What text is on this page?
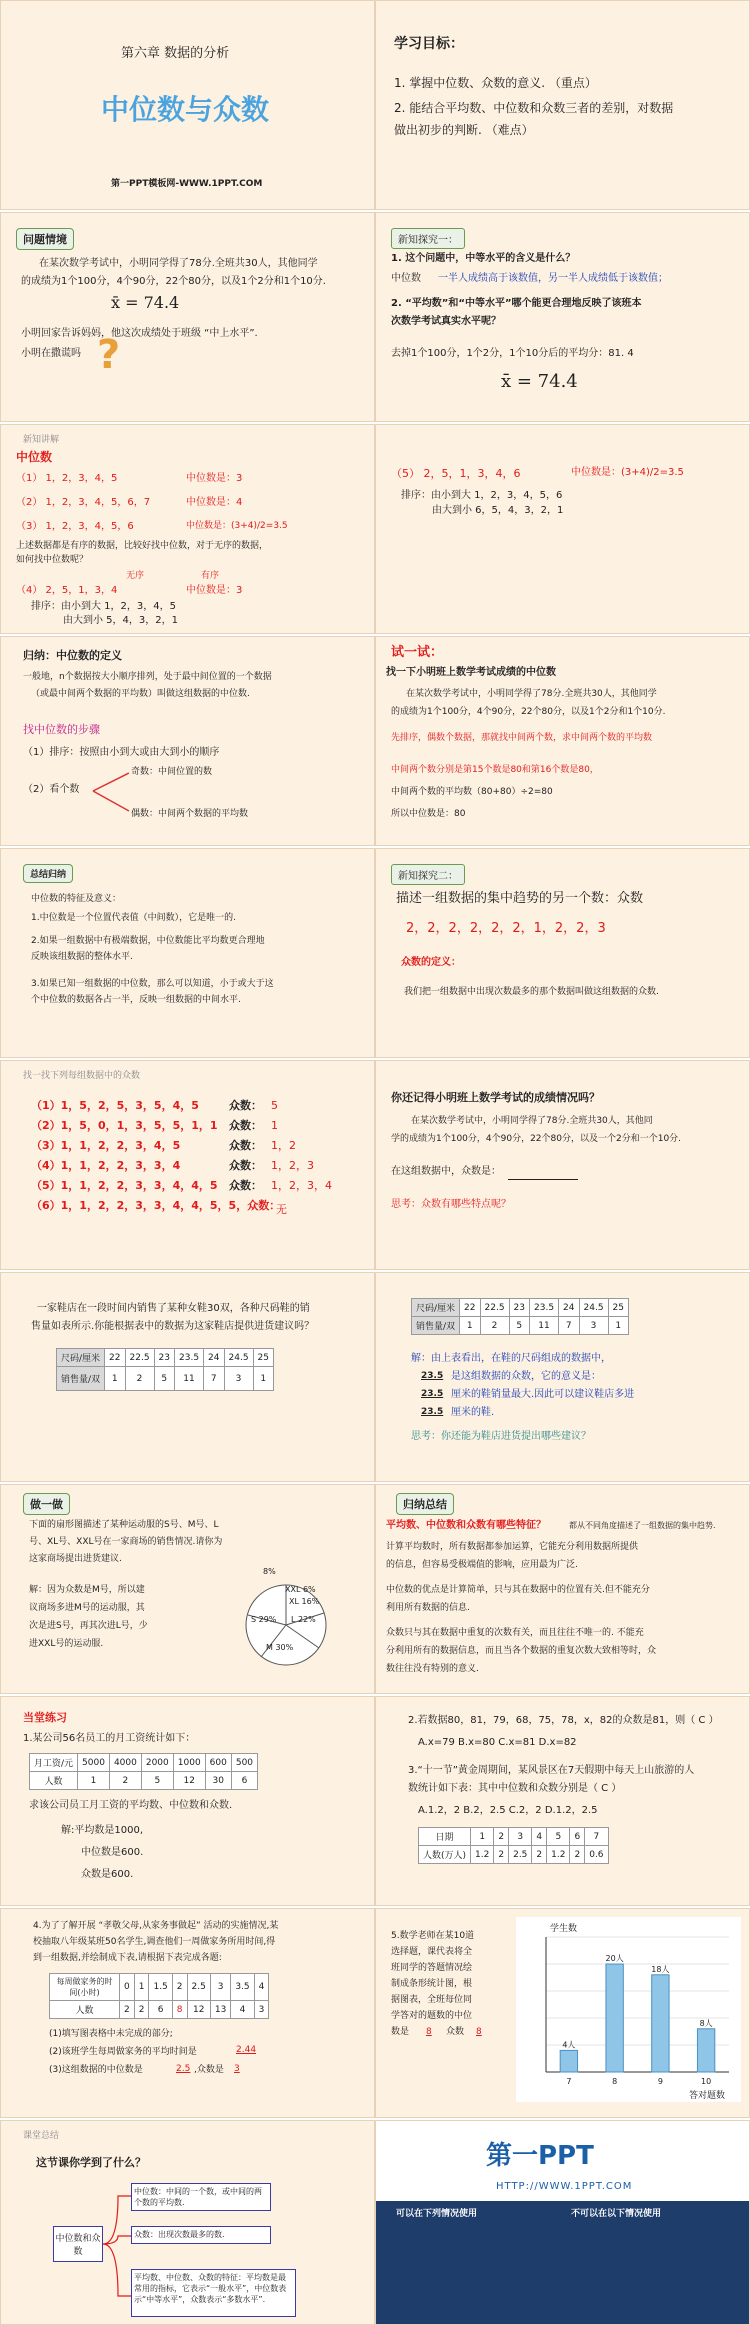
第六章 数据的分析
中位数与众数
第一PPT模板网-WWW.1PPT.COM
学习目标：
1. 掌握中位数、众数的意义. （重点）
2. 能结合平均数、中位数和众数三者的差别，对数据
做出初步的判断. （难点）
问题情境
在某次数学考试中，小明同学得了78分.全班共30人，其他同学
的成绩为1个100分，4个90分，22个80分，以及1个2分和1个10分.
x̄ = 74.4
小明回家告诉妈妈，他这次成绩处于班级 “中上水平”.
小明在撒谎吗 ?
新知探究一：
1. 这个问题中，中等水平的含义是什么？
中位数 一半人成绩高于该数值，另一半人成绩低于该数值；
2. “平均数”和“中等水平”哪个能更合理地反映了该班本
次数学考试真实水平呢？
去掉1个100分，1个2分，1个10分后的平均分：81. 4
x̄ = 74.4
新知讲解
中位数
（1） 1，2，3，4，5	中位数是：3
（2） 1，2，3，4，5，6，7	中位数是：4
（3） 1，2，3，4，5，6	中位数是：(3+4)/2=3.5
上述数据都是有序的数据，比较好找中位数，对于无序的数据，
如何找中位数呢？
无序	有序
（4） 2，5，1，3，4	中位数是：3
排序：由小到大 1，2，3，4，5
由大到小 5，4，3，2，1
（5） 2，5，1，3，4，6	中位数是：(3+4)/2=3.5
排序：由小到大 1，2，3，4，5，6
由大到小 6，5，4，3，2，1
归纳：中位数的定义
一般地，n个数据按大小顺序排列，处于最中间位置的一个数据
（或最中间两个数据的平均数）叫做这组数据的中位数.
找中位数的步骤
（1）排序：按照由小到大或由大到小的顺序
（2）看个数
奇数：中间位置的数
偶数：中间两个数据的平均数
试一试：
找一下小明班上数学考试成绩的中位数
在某次数学考试中，小明同学得了78分.全班共30人，其他同学
的成绩为1个100分，4个90分，22个80分，以及1个2分和1个10分.
先排序，偶数个数据，那就找中间两个数，求中间两个数的平均数
中间两个数分别是第15个数是80和第16个数是80，
中间两个数的平均数（80+80）÷2=80
所以中位数是：80
总结归纳
中位数的特征及意义：
1.中位数是一个位置代表值（中间数），它是唯一的.
2.如果一组数据中有极端数据，中位数能比平均数更合理地
反映该组数据的整体水平.
3.如果已知一组数据的中位数，那么可以知道，小于或大于这
个中位数的数据各占一半，反映一组数据的中间水平.
新知探究二：
描述一组数据的集中趋势的另一个数：众数
2，2，2，2，2，2，1，2，2，3
众数的定义：
我们把一组数据中出现次数最多的那个数据叫做这组数据的众数.
找一找下列每组数据中的众数
（1）1，5，2，5，3，5，4，5	众数： 5
（2）1，5，0，1，3，5，5，1，1 众数： 1
（3）1，1，2，2，3，4，5	众数： 1，2
（4）1，1，2，2，3，3，4	众数： 1，2，3
（5）1，1，2，2，3，3，4，4，5 众数： 1，2，3，4
（6）1，1，2，2，3，3，4，4，5，5，众数：
无
你还记得小明班上数学考试的成绩情况吗？
在某次数学考试中，小明同学得了78分.全班共30人，其他同
学的成绩为1个100分，4个90分，22个80分，以及一个2分和一个10分.
在这组数据中，众数是：
思考：众数有哪些特点呢？
一家鞋店在一段时间内销售了某种女鞋30双，各种尺码鞋的销
售量如表所示.你能根据表中的数据为这家鞋店提供进货建议吗？
尺码/厘米	22	22.5	23	23.5	24	24.5	25
销售量/双	1	2	5	11	7	3	1
尺码/厘米	22	22.5	23	23.5	24	24.5	25
销售量/双	1	2	5	11	7	3	1
解：由上表看出，在鞋的尺码组成的数据中，
23.5 是这组数据的众数，它的意义是：
23.5 厘米的鞋销量最大.因此可以建议鞋店多进
23.5 厘米的鞋.
思考：你还能为鞋店进货提出哪些建议？
做一做
下面的扇形图描述了某种运动服的S号、M号、L
号、XL号、XXL号在一家商场的销售情况.请你为
这家商场提出进货建议.
解：因为众数是M号，所以建
议商场多进M号的运动服，其
次是进S号，再其次进L号，少
进XXL号的运动服.
8%
S 29%
XL 16%
XXL 6%
L 22%
M 30%
归纳总结
平均数、中位数和众数有哪些特征？	都从不同角度描述了一组数据的集中趋势.
计算平均数时，所有数据都参加运算，它能充分利用数据所提供
的信息，但容易受极端值的影响，应用最为广泛.
中位数的优点是计算简单，只与其在数据中的位置有关.但不能充分
利用所有数据的信息.
众数只与其在数据中重复的次数有关，而且往往不唯一的. 不能充
分利用所有的数据信息，而且当各个数据的重复次数大致相等时，众
数往往没有特别的意义.
当堂练习
1.某公司56名员工的月工资统计如下：
月工资/元	5000	4000	2000	1000	600	500
人数	1	2	5	12	30	6
求该公司员工月工资的平均数、中位数和众数.
解:平均数是1000,
中位数是600.
众数是600.
2.若数据80，81，79，68，75，78，x，82的众数是81，则（ C ）
A.x=79 B.x=80 C.x=81 D.x=82
3.“十一节”黄金周期间，某风景区在7天假期中每天上山旅游的人
数统计如下表：其中中位数和众数分别是（ C ）
A.1.2，2 B.2，2.5 C.2，2 D.1.2，2.5
日期	1	2	3	4	5	6	7
人数(万人)	1.2	2	2.5	2	1.2	2	0.6
4.为了了解开展 “孝敬父母,从家务事做起” 活动的实施情况,某
校抽取八年级某班50名学生,调查他们一周做家务所用时间,得
到一组数据,并绘制成下表,请根据下表完成各题:
每周做家务的时间(小时)	0	1	1.5	2	2.5	3	3.5	4
人数	2	2	6	8	12	13	4	3
(1)填写图表格中未完成的部分;
(2)该班学生每周做家务的平均时间是	2.44
(3)这组数据的中位数是	2.5 ,众数是 3
5.数学老师在某10道
选择题，课代表将全
班同学的答题情况绘
制成条形统计图，根
据图表，全班每位同
学答对的题数的中位
数是 8 众数 8
学生数
答对题数
4人
7
20人
8
18人
9
8人
10
课堂总结
这节课你学到了什么？
中位数和众数
中位数：中间的一个数，或中间的两个数的平均数.
众数：出现次数最多的数.
平均数、中位数、众数的特征：平均数是最常用的指标，它表示“一般水平”，中位数表示“中等水平”，众数表示“多数水平”.
第一PPT
HTTP://WWW.1PPT.COM
可以在下列情况使用	不可以在以下情况使用
